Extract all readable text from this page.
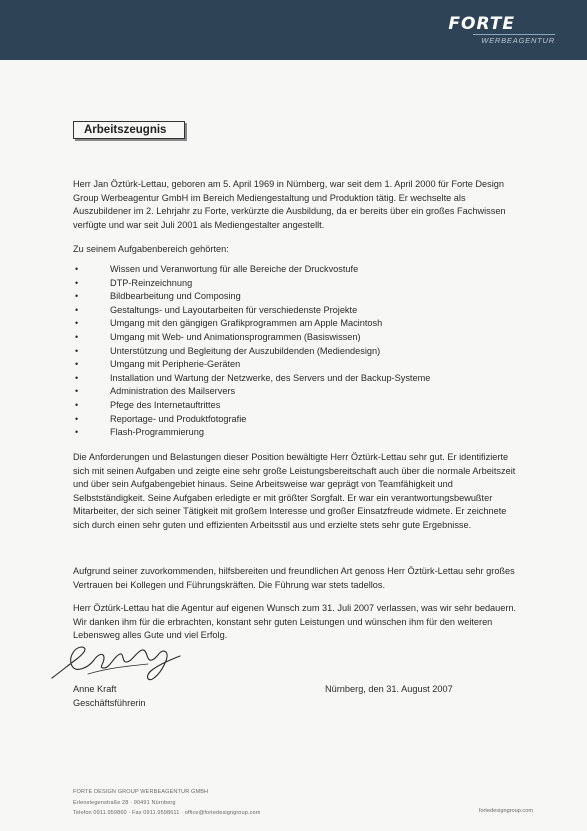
FORTE
WERBEAGENTUR
Arbeitszeugnis
Herr Jan Öztürk-Lettau, geboren am 5. April 1969 in Nürnberg, war seit dem 1. April 2000 für Forte Design Group Werbeagentur GmbH im Bereich Mediengestaltung und Produktion tätig. Er wechselte als Auszubildener im 2. Lehrjahr zu Forte, verkürzte die Ausbildung, da er bereits über ein großes Fachwissen verfügte und war seit Juli 2001 als Mediengestalter angestellt.
Zu seinem Aufgabenbereich gehörten:
•	Wissen und Veranwortung für alle Bereiche der Druckvostufe
•	DTP-Reinzeichnung
•	Bildbearbeitung und Composing
•	Gestaltungs- und Layoutarbeiten für verschiedenste Projekte
•	Umgang mit den gängigen Grafikprogrammen am Apple Macintosh
•	Umgang mit Web- und Animationsprogrammen (Basiswissen)
•	Unterstützung und Begleitung der Auszubildenden (Mediendesign)
•	Umgang mit Peripherie-Geräten
•	Installation und Wartung der Netzwerke, des Servers und der Backup-Systeme
•	Administration des Mailservers
•	Pfege des Internetauftrittes
•	Reportage- und Produktfotografie
•	Flash-Programmierung
Die Anforderungen und Belastungen dieser Position bewältigte Herr Öztürk-Lettau sehr gut. Er identifizierte sich mit seinen Aufgaben und zeigte eine sehr große Leistungsbereitschaft auch über die normale Arbeitszeit und über sein Aufgabengebiet hinaus. Seine Arbeitsweise war geprägt von Teamfähigkeit und Selbstständigkeit. Seine Aufgaben erledigte er mit größter Sorgfalt. Er war ein verantwortungsbewußter Mitarbeiter, der sich seiner Tätigkeit mit großem Interesse und großer Einsatzfreude widmete. Er zeichnete sich durch einen sehr guten und effizienten Arbeitsstil aus und erzielte stets sehr gute Ergebnisse.
Aufgrund seiner zuvorkommenden, hilfsbereiten und freundlichen Art genoss Herr Öztürk-Lettau sehr großes Vertrauen bei Kollegen und Führungskräften. Die Führung war stets tadellos.
Herr Öztürk-Lettau hat die Agentur auf eigenen Wunsch zum 31. Juli 2007 verlassen, was wir sehr bedauern. Wir danken ihm für die erbrachten, konstant sehr guten Leistungen und wünschen ihm für den weiteren Lebensweg alles Gute und viel Erfolg.
Anne Kraft
Geschäftsführerin
Nürnberg, den 31. August 2007
FORTE DESIGN GROUP WERBEAGENTUR GMBH
Erlenstegenstraße 28 · 90491 Nürnberg
Telefon 0911.959860 · Fax 0911.9598611 · office@fortedesigngroup.com	fortedesigngroup.com
